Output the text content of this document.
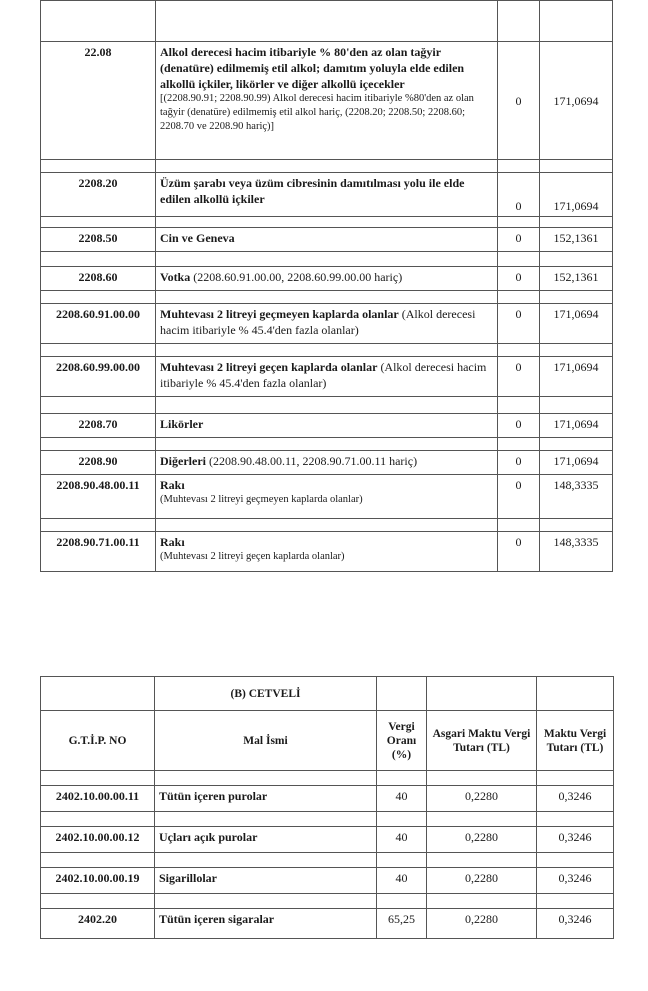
22.08	Alkol derecesi hacim itibariyle % 80'den az olan tağyir (denatüre) edilmemiş etil alkol; damıtım yoluyla elde edilen alkollü içkiler, likörler ve diğer alkollü içecekler
[(2208.90.91; 2208.90.99) Alkol derecesi hacim itibariyle %80'den az olan tağyir (denatüre) edilmemiş etil alkol hariç, (2208.20; 2208.50; 2208.60; 2208.70 ve 2208.90 hariç)]	0	171,0694

2208.20	Üzüm şarabı veya üzüm cibresinin damıtılması yolu ile elde edilen alkollü içkiler	0	171,0694

2208.50	Cin ve Geneva	0	152,1361

2208.60	Votka (2208.60.91.00.00, 2208.60.99.00.00 hariç)	0	152,1361

2208.60.91.00.00	Muhtevası 2 litreyi geçmeyen kaplarda olanlar (Alkol derecesi hacim itibariyle % 45.4'den fazla olanlar)	0	171,0694

2208.60.99.00.00	Muhtevası 2 litreyi geçen kaplarda olanlar (Alkol derecesi hacim itibariyle % 45.4'den fazla olanlar)	0	171,0694

2208.70	Likörler	0	171,0694

2208.90	Diğerleri (2208.90.48.00.11, 2208.90.71.00.11 hariç)	0	171,0694
2208.90.48.00.11	Rakı
(Muhtevası 2 litreyi geçmeyen kaplarda olanlar)	0	148,3335

2208.90.71.00.11	Rakı
(Muhtevası 2 litreyi geçen kaplarda olanlar)	0	148,3335
	(B) CETVELİ			
G.T.İ.P. NO	Mal İsmi	Vergi Oranı (%)	Asgari Maktu Vergi Tutarı (TL)	Maktu Vergi Tutarı (TL)

2402.10.00.00.11	Tütün içeren purolar	40	0,2280	0,3246

2402.10.00.00.12	Uçları açık purolar	40	0,2280	0,3246

2402.10.00.00.19	Sigarillolar	40	0,2280	0,3246

2402.20	Tütün içeren sigaralar	65,25	0,2280	0,3246
